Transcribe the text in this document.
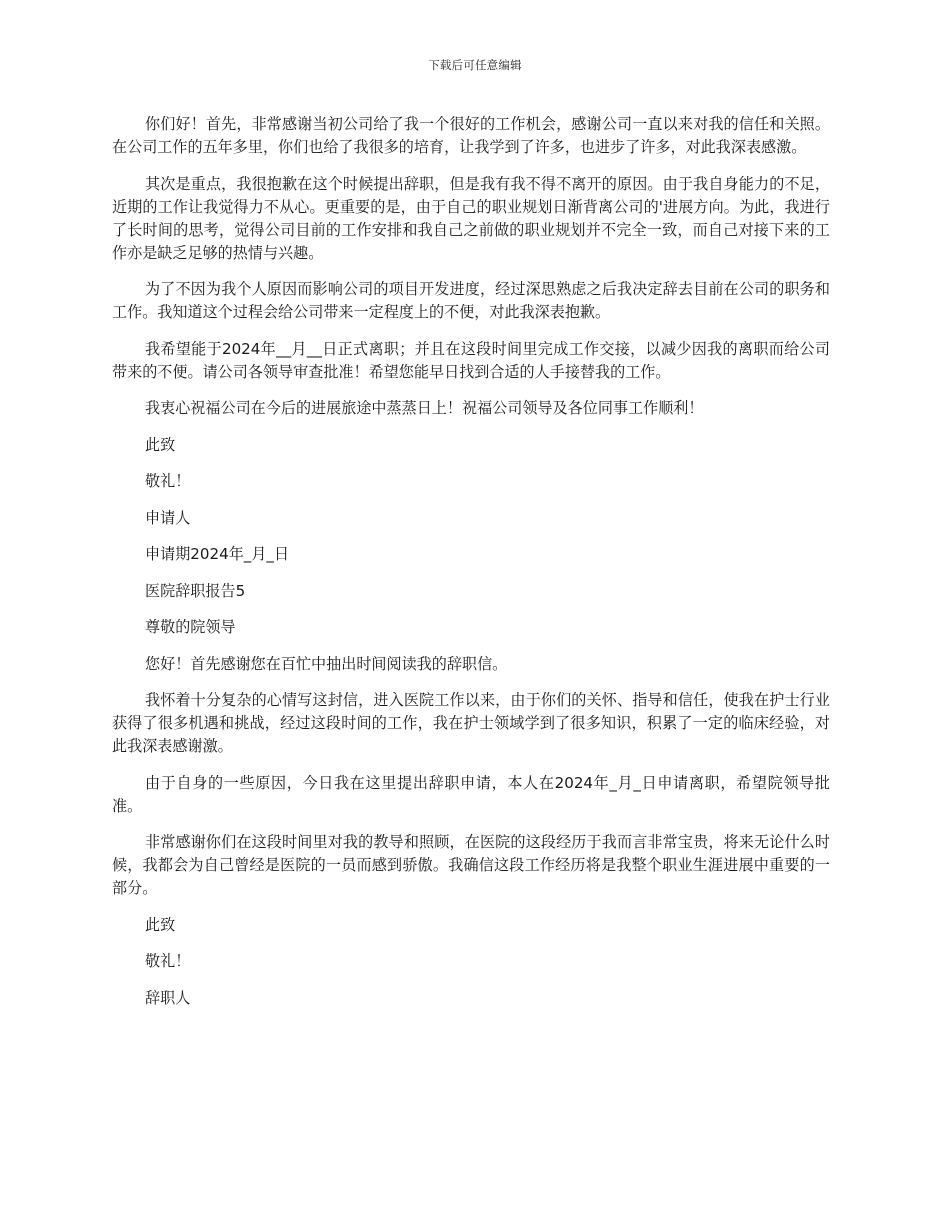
下载后可任意编辑

你们好！首先，非常感谢当初公司给了我一个很好的工作机会，感谢公司一直以来对我的信任和关照。在公司工作的五年多里，你们也给了我很多的培育，让我学到了许多，也进步了许多，对此我深表感激。

其次是重点，我很抱歉在这个时候提出辞职，但是我有我不得不离开的原因。由于我自身能力的不足，近期的工作让我觉得力不从心。更重要的是，由于自己的职业规划日渐背离公司的'进展方向。为此，我进行了长时间的思考，觉得公司目前的工作安排和我自己之前做的职业规划并不完全一致，而自己对接下来的工作亦是缺乏足够的热情与兴趣。

为了不因为我个人原因而影响公司的项目开发进度，经过深思熟虑之后我决定辞去目前在公司的职务和工作。我知道这个过程会给公司带来一定程度上的不便，对此我深表抱歉。

我希望能于2024年__月__日正式离职；并且在这段时间里完成工作交接，以减少因我的离职而给公司带来的不便。请公司各领导审查批准！希望您能早日找到合适的人手接替我的工作。

我衷心祝福公司在今后的进展旅途中蒸蒸日上！祝福公司领导及各位同事工作顺利！

此致

敬礼！

申请人

申请期2024年_月_日

医院辞职报告5

尊敬的院领导

您好！首先感谢您在百忙中抽出时间阅读我的辞职信。

我怀着十分复杂的心情写这封信，进入医院工作以来，由于你们的关怀、指导和信任，使我在护士行业获得了很多机遇和挑战，经过这段时间的工作，我在护士领域学到了很多知识，积累了一定的临床经验，对此我深表感谢激。

由于自身的一些原因，今日我在这里提出辞职申请，本人在2024年_月_日申请离职，希望院领导批准。

非常感谢你们在这段时间里对我的教导和照顾，在医院的这段经历于我而言非常宝贵，将来无论什么时候，我都会为自己曾经是医院的一员而感到骄傲。我确信这段工作经历将是我整个职业生涯进展中重要的一部分。

此致

敬礼！

辞职人
